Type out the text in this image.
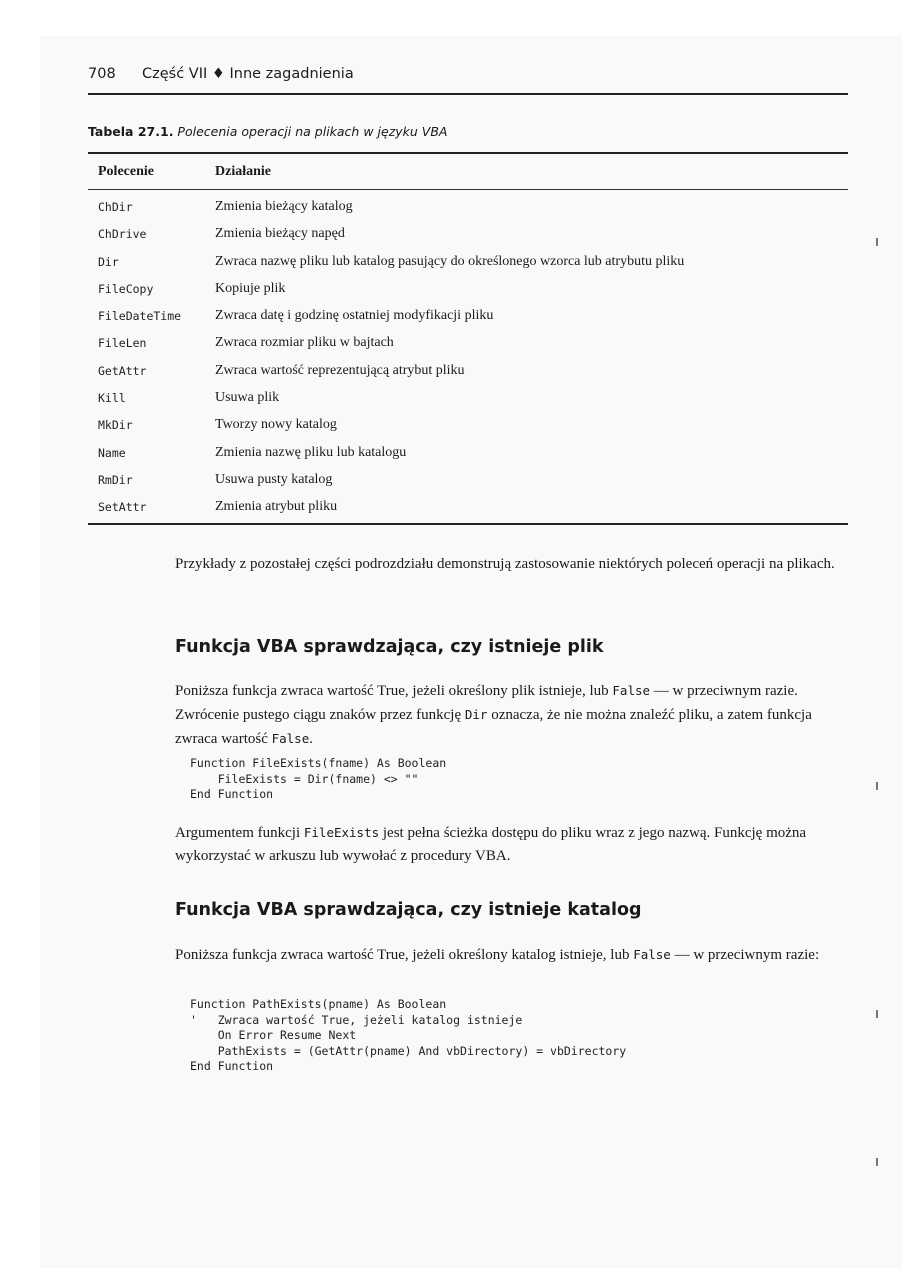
708 Część VII ♦ Inne zagadnienia
Tabela 27.1. Polecenia operacji na plikach w języku VBA
Polecenie	Działanie
ChDir	Zmienia bieżący katalog
ChDrive	Zmienia bieżący napęd
Dir	Zwraca nazwę pliku lub katalog pasujący do określonego wzorca lub atrybutu pliku
FileCopy	Kopiuje plik
FileDateTime Zwraca datę i godzinę ostatniej modyfikacji pliku
FileLen	Zwraca rozmiar pliku w bajtach
GetAttr	Zwraca wartość reprezentującą atrybut pliku
Kill	Usuwa plik
MkDir	Tworzy nowy katalog
Name	Zmienia nazwę pliku lub katalogu
RmDir	Usuwa pusty katalog
SetAttr	Zmienia atrybut pliku
Przykłady z pozostałej części podrozdziału demonstrują zastosowanie niektórych poleceń operacji na plikach.
Funkcja VBA sprawdzająca, czy istnieje plik
Poniższa funkcja zwraca wartość True, jeżeli określony plik istnieje, lub False — w przeciwnym razie. Zwrócenie pustego ciągu znaków przez funkcję Dir oznacza, że nie można znaleźć pliku, a zatem funkcja zwraca wartość False.
Function FileExists(fname) As Boolean
FileExists = Dir(fname) <> ""
End Function
Argumentem funkcji FileExists jest pełna ścieżka dostępu do pliku wraz z jego nazwą. Funkcję można wykorzystać w arkuszu lub wywołać z procedury VBA.
Funkcja VBA sprawdzająca, czy istnieje katalog
Poniższa funkcja zwraca wartość True, jeżeli określony katalog istnieje, lub False — w przeciwnym razie:
Function PathExists(pname) As Boolean
'   Zwraca wartość True, jeżeli katalog istnieje
On Error Resume Next
PathExists = (GetAttr(pname) And vbDirectory) = vbDirectory
End Function
